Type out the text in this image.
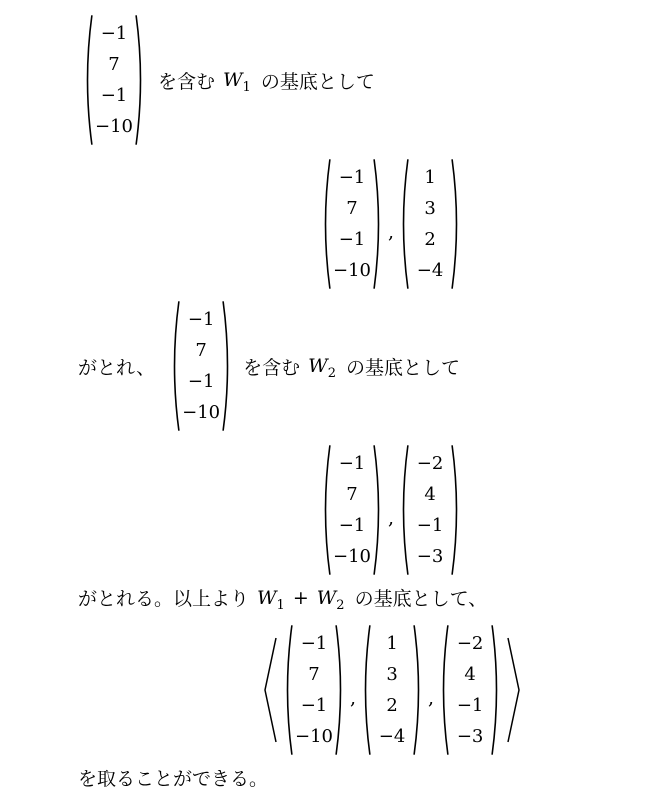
−1
7
−1
−10
を含む $W_1$ の基底として
−1
7
−1
−10
,
1
3
2
−4
がとれ、
−1
7
−1
−10
を含む $W_2$ の基底として
−1
7
−1
−10
,
−2
4
−1
−3
がとれる。以上より $W_1 + W_2$ の基底として、
−1
7
−1
−10
,
1
3
2
−4
,
−2
4
−1
−3
を取ることができる。
